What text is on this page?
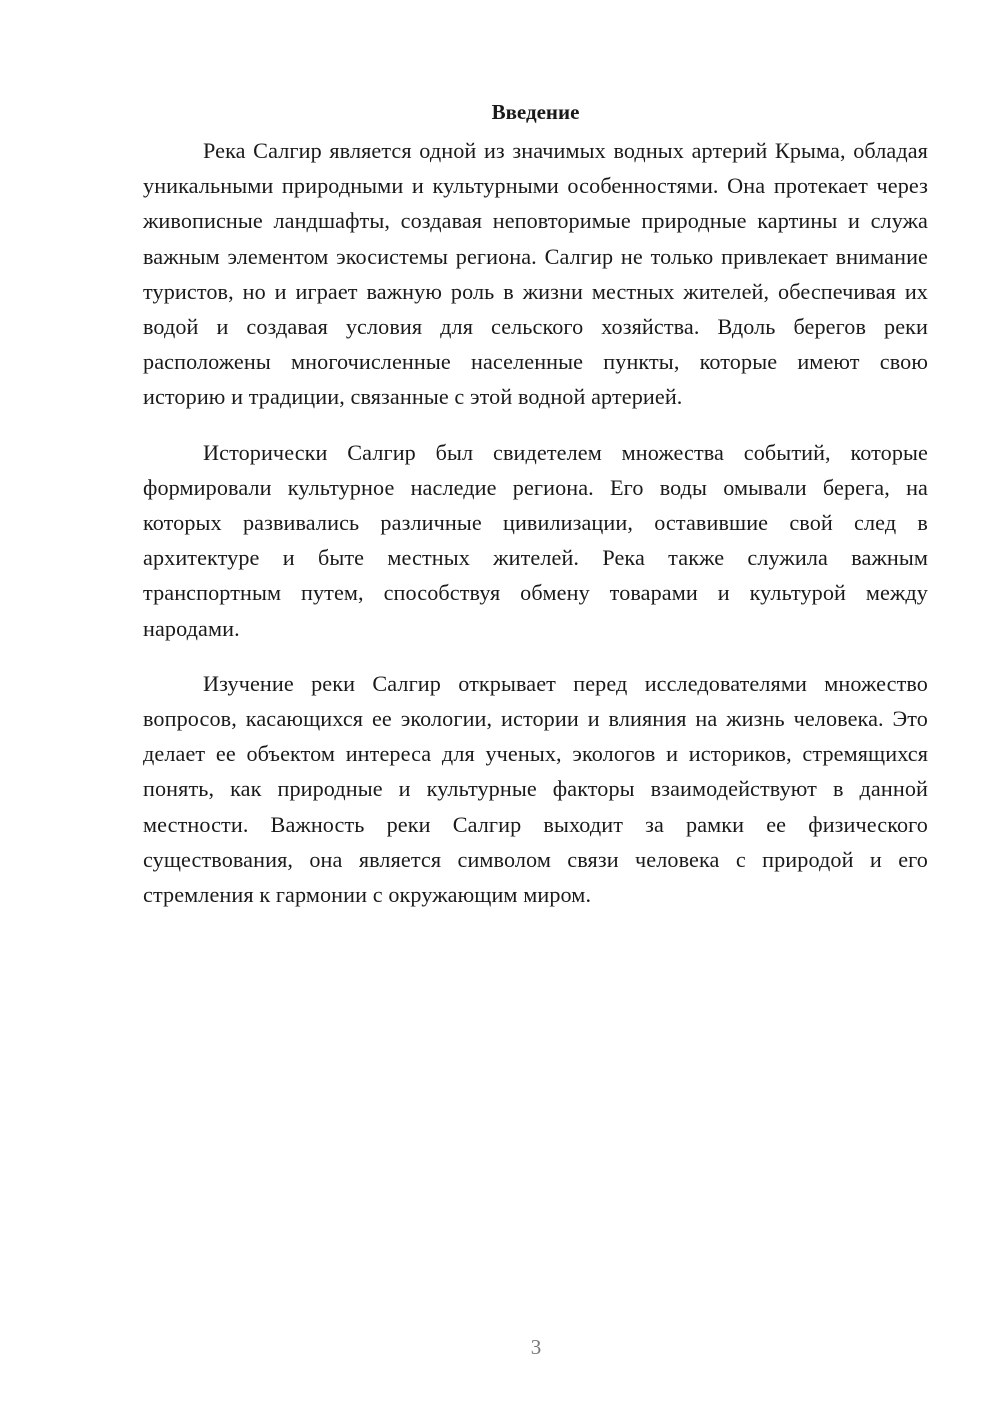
Введение

Река Салгир является одной из значимых водных артерий Крыма, обладая уникальными природными и культурными особенностями. Она протекает через живописные ландшафты, создавая неповторимые природные картины и служа важным элементом экосистемы региона. Салгир не только привлекает внимание туристов, но и играет важную роль в жизни местных жителей, обеспечивая их водой и создавая условия для сельского хозяйства. Вдоль берегов реки расположены многочисленные населенные пункты, которые имеют свою историю и традиции, связанные с этой водной артерией.

Исторически Салгир был свидетелем множества событий, которые формировали культурное наследие региона. Его воды омывали берега, на которых развивались различные цивилизации, оставившие свой след в архитектуре и быте местных жителей. Река также служила важным транспортным путем, способствуя обмену товарами и культурой между народами.

Изучение реки Салгир открывает перед исследователями множество вопросов, касающихся ее экологии, истории и влияния на жизнь человека. Это делает ее объектом интереса для ученых, экологов и историков, стремящихся понять, как природные и культурные факторы взаимодействуют в данной местности. Важность реки Салгир выходит за рамки ее физического существования, она является символом связи человека с природой и его стремления к гармонии с окружающим миром.

3
